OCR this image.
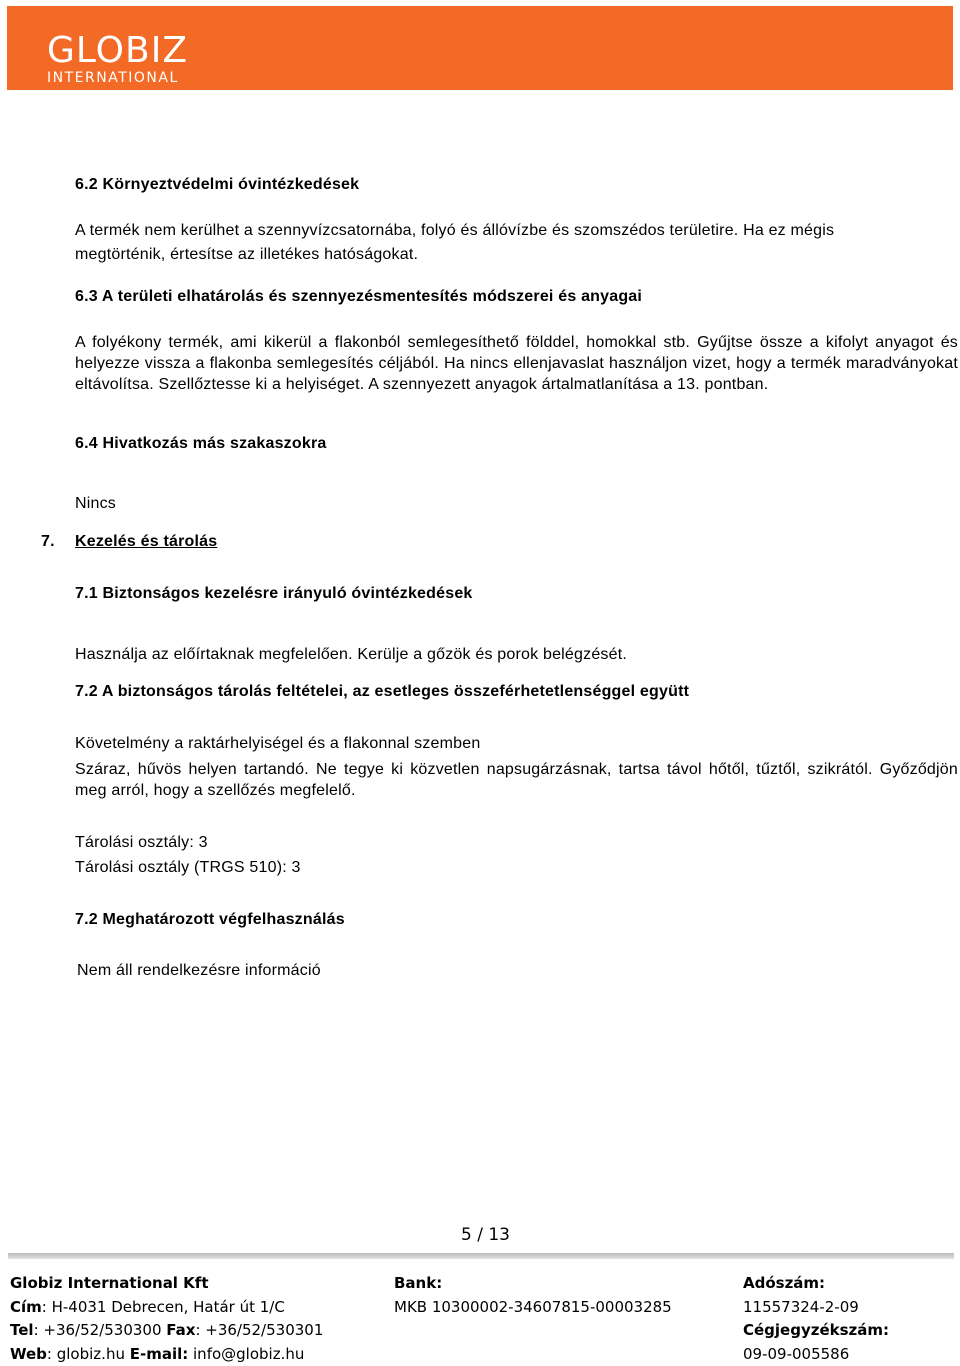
GLOBIZ
INTERNATIONAL
6.2 Környeztvédelmi óvintézkedések
A termék nem kerülhet a szennyvízcsatornába, folyó és állóvízbe és szomszédos területire. Ha ez mégis
megtörténik, értesítse az illetékes hatóságokat.
6.3 A területi elhatárolás és szennyezésmentesítés módszerei és anyagai
A folyékony termék, ami kikerül a flakonból semlegesíthető földdel, homokkal stb. Gyűjtse össze a kifolyt anyagot és helyezze vissza a flakonba semlegesítés céljából. Ha nincs ellenjavaslat használjon vizet, hogy a termék maradványokat eltávolítsa. Szellőztesse ki a helyiséget. A szennyezett anyagok ártalmatlanítása a 13. pontban.
6.4 Hivatkozás más szakaszokra
Nincs
7. Kezelés és tárolás
7.1 Biztonságos kezelésre irányuló óvintézkedések
Használja az előírtaknak megfelelően. Kerülje a gőzök és porok belégzését.
7.2 A biztonságos tárolás feltételei, az esetleges összeférhetetlenséggel együtt
Követelmény a raktárhelyiségel és a flakonnal szemben
Száraz, hűvös helyen tartandó. Ne tegye ki közvetlen napsugárzásnak, tartsa távol hőtől, tűztől, szikrától. Győződjön meg arról, hogy a szellőzés megfelelő.
Tárolási osztály: 3
Tárolási osztály (TRGS 510): 3
7.2 Meghatározott végfelhasználás
Nem áll rendelkezésre információ
5 / 13
Globiz International Kft
Cím: H-4031 Debrecen, Határ út 1/C
Tel: +36/52/530300 Fax: +36/52/530301
Web: globiz.hu E-mail: info@globiz.hu
Bank:
MKB 10300002-34607815-00003285
Adószám:
11557324-2-09
Cégjegyzékszám:
09-09-005586
